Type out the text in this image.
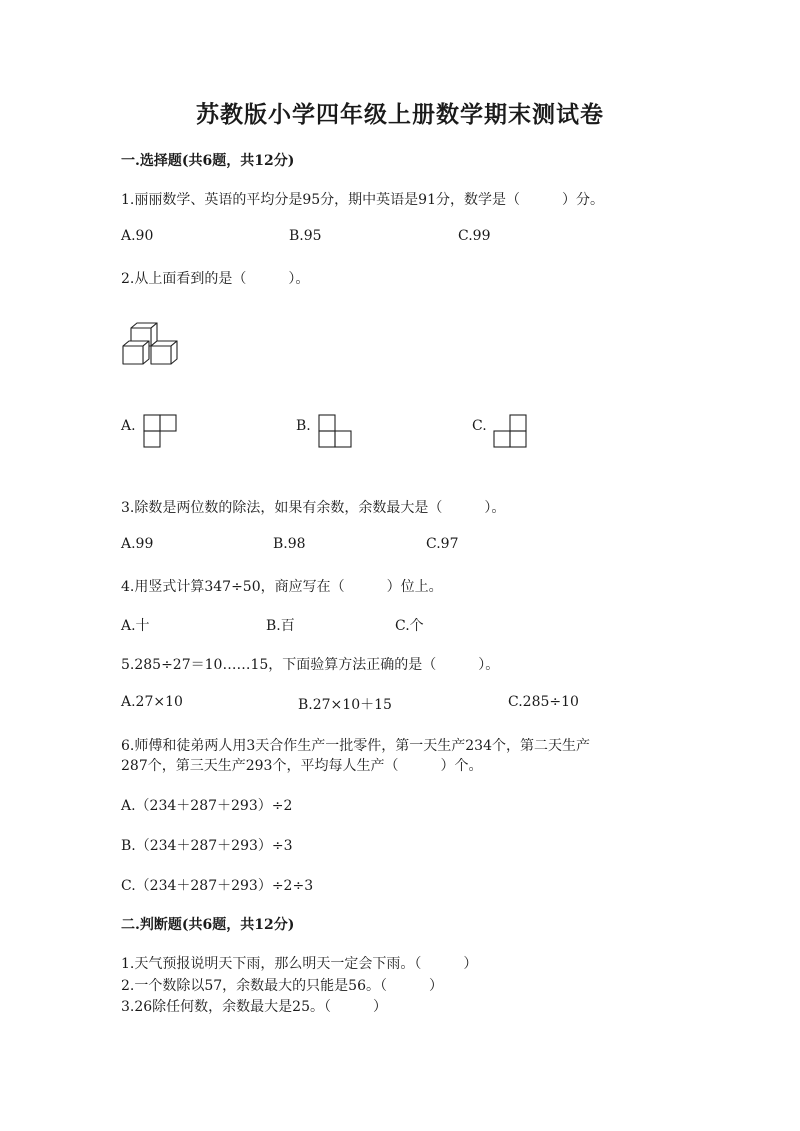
苏教版小学四年级上册数学期末测试卷
一.选择题(共6题，共12分)
1.丽丽数学、英语的平均分是95分，期中英语是91分，数学是（　　　）分。
A.90	B.95	C.99
2.从上面看到的是（　　　）。
A.	B.	C.
3.除数是两位数的除法，如果有余数，余数最大是（　　　）。
A.99	B.98	C.97
4.用竖式计算347÷50，商应写在（　　　）位上。
A.十	B.百	C.个
5.285÷27＝10……15，下面验算方法正确的是（　　　）。
A.27×10	B.27×10＋15	C.285÷10
6.师傅和徒弟两人用3天合作生产一批零件，第一天生产234个，第二天生产
287个，第三天生产293个，平均每人生产（　　　）个。
A.（234＋287＋293）÷2
B.（234＋287＋293）÷3
C.（234＋287＋293）÷2÷3
二.判断题(共6题，共12分)
1.天气预报说明天下雨，那么明天一定会下雨。（　　　）
2.一个数除以57，余数最大的只能是56。（　　　）
3.26除任何数，余数最大是25。（　　　）
